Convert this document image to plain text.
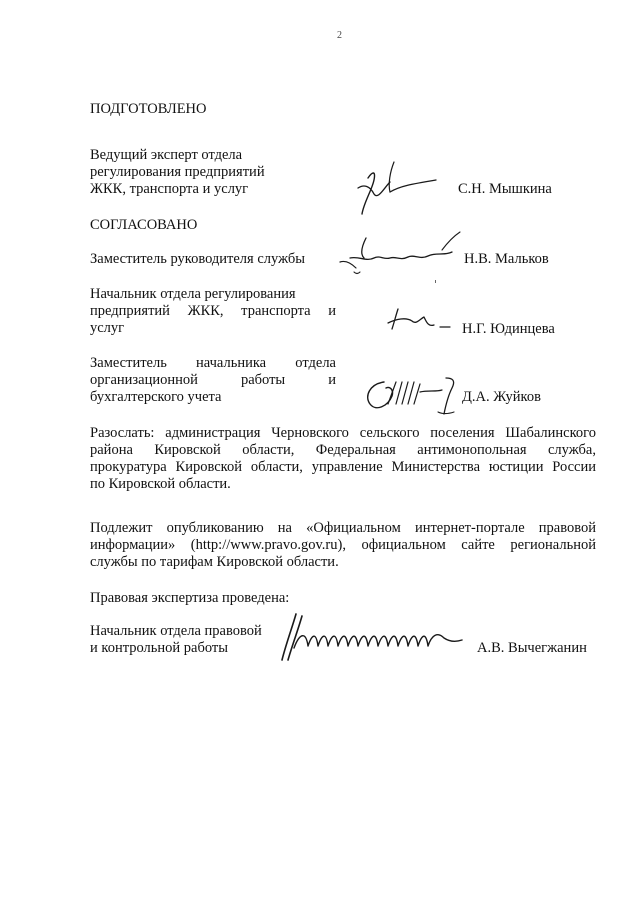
2
ПОДГОТОВЛЕНО
Ведущий эксперт отдела
регулирования предприятий
ЖКК, транспорта и услуг	С.Н. Мышкина
СОГЛАСОВАНО
Заместитель руководителя службы	Н.В. Мальков
Начальник отдела регулирования
предприятий ЖКК, транспорта и
услуг	Н.Г. Юдинцева
Заместитель начальника отдела
организационной работы и
бухгалтерского учета	Д.А. Жуйков
Разослать: администрация Черновского сельского поселения Шабалинского
района Кировской области, Федеральная антимонопольная служба,
прокуратура Кировской области, управление Министерства юстиции России
по Кировской области.
Подлежит опубликованию на «Официальном интернет-портале правовой
информации» (http://www.pravo.gov.ru), официальном сайте региональной
службы по тарифам Кировской области.
Правовая экспертиза проведена:
Начальник отдела правовой
и контрольной работы	А.В. Вычегжанин
